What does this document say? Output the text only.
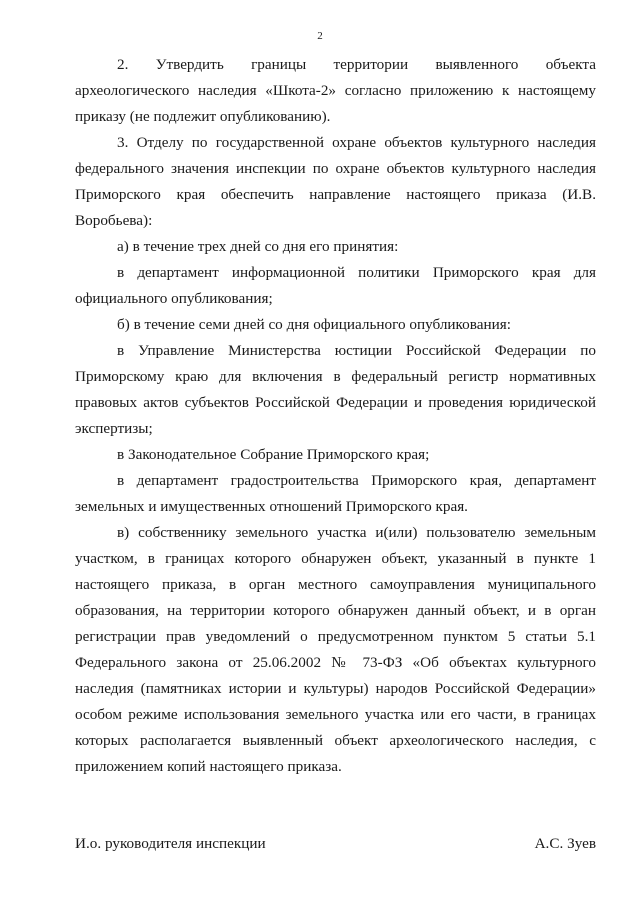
2

2. Утвердить границы территории выявленного объекта археологического наследия «Шкота-2» согласно приложению к настоящему приказу (не подлежит опубликованию).

3. Отделу по государственной охране объектов культурного наследия федерального значения инспекции по охране объектов культурного наследия Приморского края обеспечить направление настоящего приказа (И.В. Воробьева):

а) в течение трех дней со дня его принятия:

в департамент информационной политики Приморского края для официального опубликования;

б) в течение семи дней со дня официального опубликования:

в Управление Министерства юстиции Российской Федерации по Приморскому краю для включения в федеральный регистр нормативных правовых актов субъектов Российской Федерации и проведения юридической экспертизы;

в Законодательное Собрание Приморского края;

в департамент градостроительства Приморского края, департамент земельных и имущественных отношений Приморского края.

в) собственнику земельного участка и(или) пользователю земельным участком, в границах которого обнаружен объект, указанный в пункте 1 настоящего приказа, в орган местного самоуправления муниципального образования, на территории которого обнаружен данный объект, и в орган регистрации прав уведомлений о предусмотренном пунктом 5 статьи 5.1 Федерального закона от 25.06.2002 № 73-ФЗ «Об объектах культурного наследия (памятниках истории и культуры) народов Российской Федерации» особом режиме использования земельного участка или его части, в границах которых располагается выявленный объект археологического наследия, с приложением копий настоящего приказа.

И.о. руководителя инспекции	А.С. Зуев
